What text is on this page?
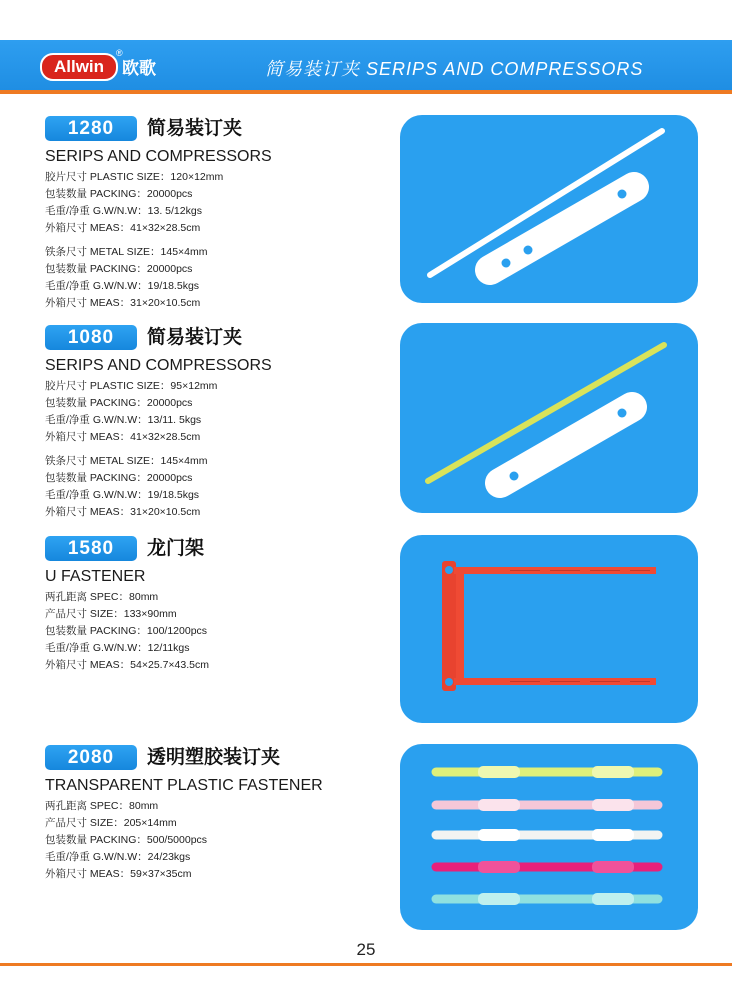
Allwin
®
欧歌	简易装订夹 SERIPS AND COMPRESSORS
1280	简易装订夹
SERIPS AND COMPRESSORS
胶片尺寸 PLASTIC SIZE：120×12mm
包装数量 PACKING：20000pcs
毛重/净重 G.W/N.W：13. 5/12kgs
外箱尺寸 MEAS：41×32×28.5cm
铁条尺寸 METAL SIZE：145×4mm
包装数量 PACKING：20000pcs
毛重/净重 G.W/N.W：19/18.5kgs
外箱尺寸 MEAS：31×20×10.5cm
1080	简易装订夹
SERIPS AND COMPRESSORS
胶片尺寸 PLASTIC SIZE：95×12mm
包装数量 PACKING：20000pcs
毛重/净重 G.W/N.W：13/11. 5kgs
外箱尺寸 MEAS：41×32×28.5cm
铁条尺寸 METAL SIZE：145×4mm
包装数量 PACKING：20000pcs
毛重/净重 G.W/N.W：19/18.5kgs
外箱尺寸 MEAS：31×20×10.5cm
1580	龙门架
U FASTENER
两孔距离 SPEC：80mm
产品尺寸 SIZE：133×90mm
包装数量 PACKING：100/1200pcs
毛重/净重 G.W/N.W：12/11kgs
外箱尺寸 MEAS：54×25.7×43.5cm
2080	透明塑胶装订夹
TRANSPARENT PLASTIC FASTENER
两孔距离 SPEC：80mm
产品尺寸 SIZE：205×14mm
包装数量 PACKING：500/5000pcs
毛重/净重 G.W/N.W：24/23kgs
外箱尺寸 MEAS：59×37×35cm
25
